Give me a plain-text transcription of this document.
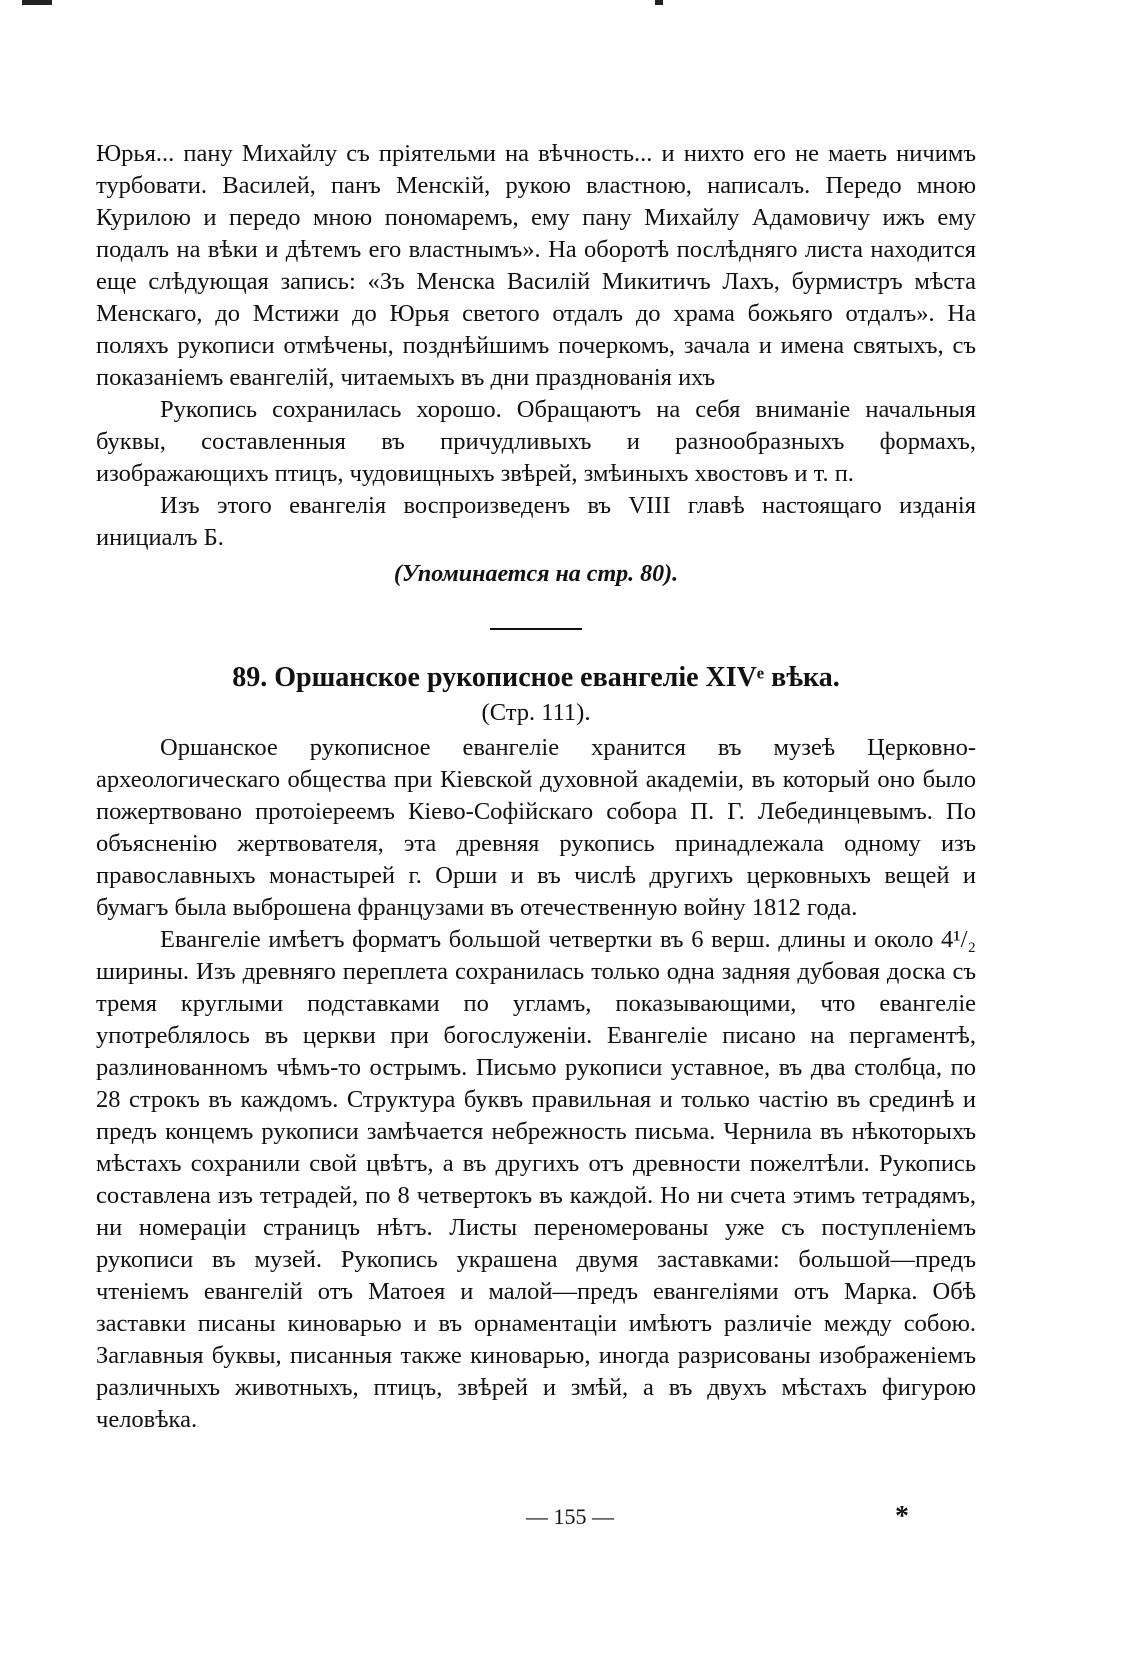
Юрья... пану Михайлу съ прiятельми на вѣчность... и нихто его не маеть ничимъ турбовати. Василей, панъ Менскiй, рукою властною, написалъ. Передо мною Курилою и передо мною пономаремъ, ему пану Михайлу Адамовичу ижъ ему подалъ на вѣки и дѣтемъ его властнымъ». На оборотѣ послѣдняго листа находится еще слѣдующая запись: «Зъ Менска Василiй Микитичъ Лахъ, бурмистръ мѣста Менскаго, до Мстижи до Юрья светого отдалъ до храма божьяго отдалъ». На поляхъ рукописи отмѣчены, позднѣйшимъ почеркомъ, зачала и имена святыхъ, съ показанiемъ евангелiй, читаемыхъ въ дни празднованiя ихъ

Рукопись сохранилась хорошо. Обращаютъ на себя вниманiе начальныя буквы, составленныя въ причудливыхъ и разнообразныхъ формахъ, изображающихъ птицъ, чудовищныхъ звѣрей, змѣиныхъ хвостовъ и т. п.

Изъ этого евангелiя воспроизведенъ въ VIII главѣ настоящаго изданiя инициалъ Б.

(Упоминается на стр. 80).

89. Оршанское рукописное евангелiе XIVᵉ вѣка.

(Стр. 111).

Оршанское рукописное евангелiе хранится въ музеѣ Церковно-археологическаго общества при Кiевской духовной академiи, въ который оно было пожертвовано протоiереемъ Кiево-Софiйскаго собора П. Г. Лебединцевымъ. По объясненiю жертвователя, эта древняя рукопись принадлежала одному изъ православныхъ монастырей г. Орши и въ числѣ другихъ церковныхъ вещей и бумагъ была выброшена французами въ отечественную войну 1812 года.

Евангелiе имѣетъ форматъ большой четвертки въ 6 верш. длины и около 4¹/₂ ширины. Изъ древняго переплета сохранилась только одна задняя дубовая доска съ тремя круглыми подставками по угламъ, показывающими, что евангелiе употреблялось въ церкви при богослуженiи. Евангелiе писано на пергаментѣ, разлинованномъ чѣмъ-то острымъ. Письмо рукописи уставное, въ два столбца, по 28 строкъ въ каждомъ. Структура буквъ правильная и только частiю въ срединѣ и предъ концемъ рукописи замѣчается небрежность письма. Чернила въ нѣкоторыхъ мѣстахъ сохранили свой цвѣтъ, а въ другихъ отъ древности пожелтѣли. Рукопись составлена изъ тетрадей, по 8 четвертокъ въ каждой. Но ни счета этимъ тетрадямъ, ни номерацiи страницъ нѣтъ. Листы переномерованы уже съ поступленiемъ рукописи въ музей. Рукопись украшена двумя заставками: большой—предъ чтенiемъ евангелiй отъ Матоея и малой—предъ евангелiями отъ Марка. Обѣ заставки писаны киноварью и въ орнаментацiи имѣютъ различiе между собою. Заглавныя буквы, писанныя также киноварью, иногда разрисованы изображенiемъ различныхъ животныхъ, птицъ, звѣрей и змѣй, а въ двухъ мѣстахъ фигурою человѣка.

— 155 —	*
